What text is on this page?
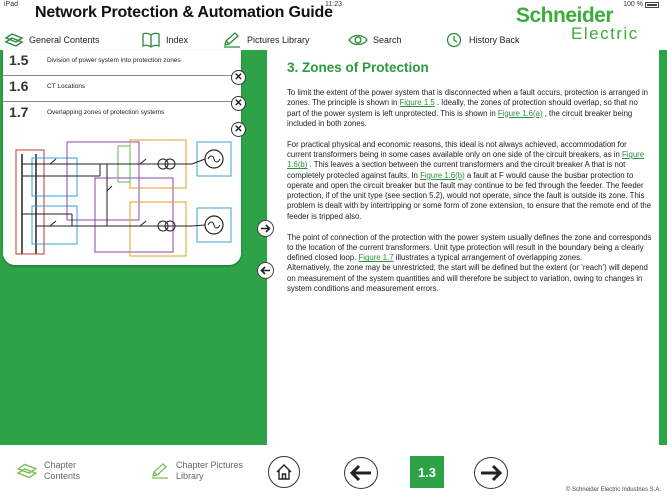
iPad	11:23	100 %
Network Protection & Automation Guide	Schneider
Electric
General Contents	Index	Pictures Library	Search	History Back
1.5	Division of power system into protection zones
1.6	CT Locations
1.7	Overlapping zones of protection systems
✕
✕
✕
3. Zones of Protection

To limit the extent of the power system that is disconnected when a fault occurs, protection is arranged in zones. The principle is shown in Figure 1.5 . Ideally, the zones of protection should overlap, so that no part of the power system is left unprotected. This is shown in Figure 1.6(a) , the circuit breaker being included in both zones.

For practical physical and economic reasons, this ideal is not always achieved, accommodation for current transformers being in some cases available only on one side of the circuit breakers, as in Figure 1.6(b) . This leaves a section between the current transformers and the circuit breaker A that is not completely protected against faults. In Figure 1.6(b) a fault at F would cause the busbar protection to operate and open the circuit breaker but the fault may continue to be fed through the feeder. The feeder protection, if of the unit type (see section 5.2), would not operate, since the fault is outside its zone. This problem is dealt with by intertripping or some form of zone extension, to ensure that the remote end of the feeder is tripped also.

The point of connection of the protection with the power system usually defines the zone and corresponds to the location of the current transformers. Unit type protection will result in the boundary being a clearly defined closed loop. Figure 1.7 illustrates a typical arrangement of overlapping zones.

Alternatively, the zone may be unrestricted; the start will be defined but the extent (or ‘reach’) will depend on measurement of the system quantities and will therefore be subject to variation, owing to changes in system conditions and measurement errors.

Chapter
Contents
Chapter Pictures
Library	1.3
© Schneider Electric Industries S.A.
